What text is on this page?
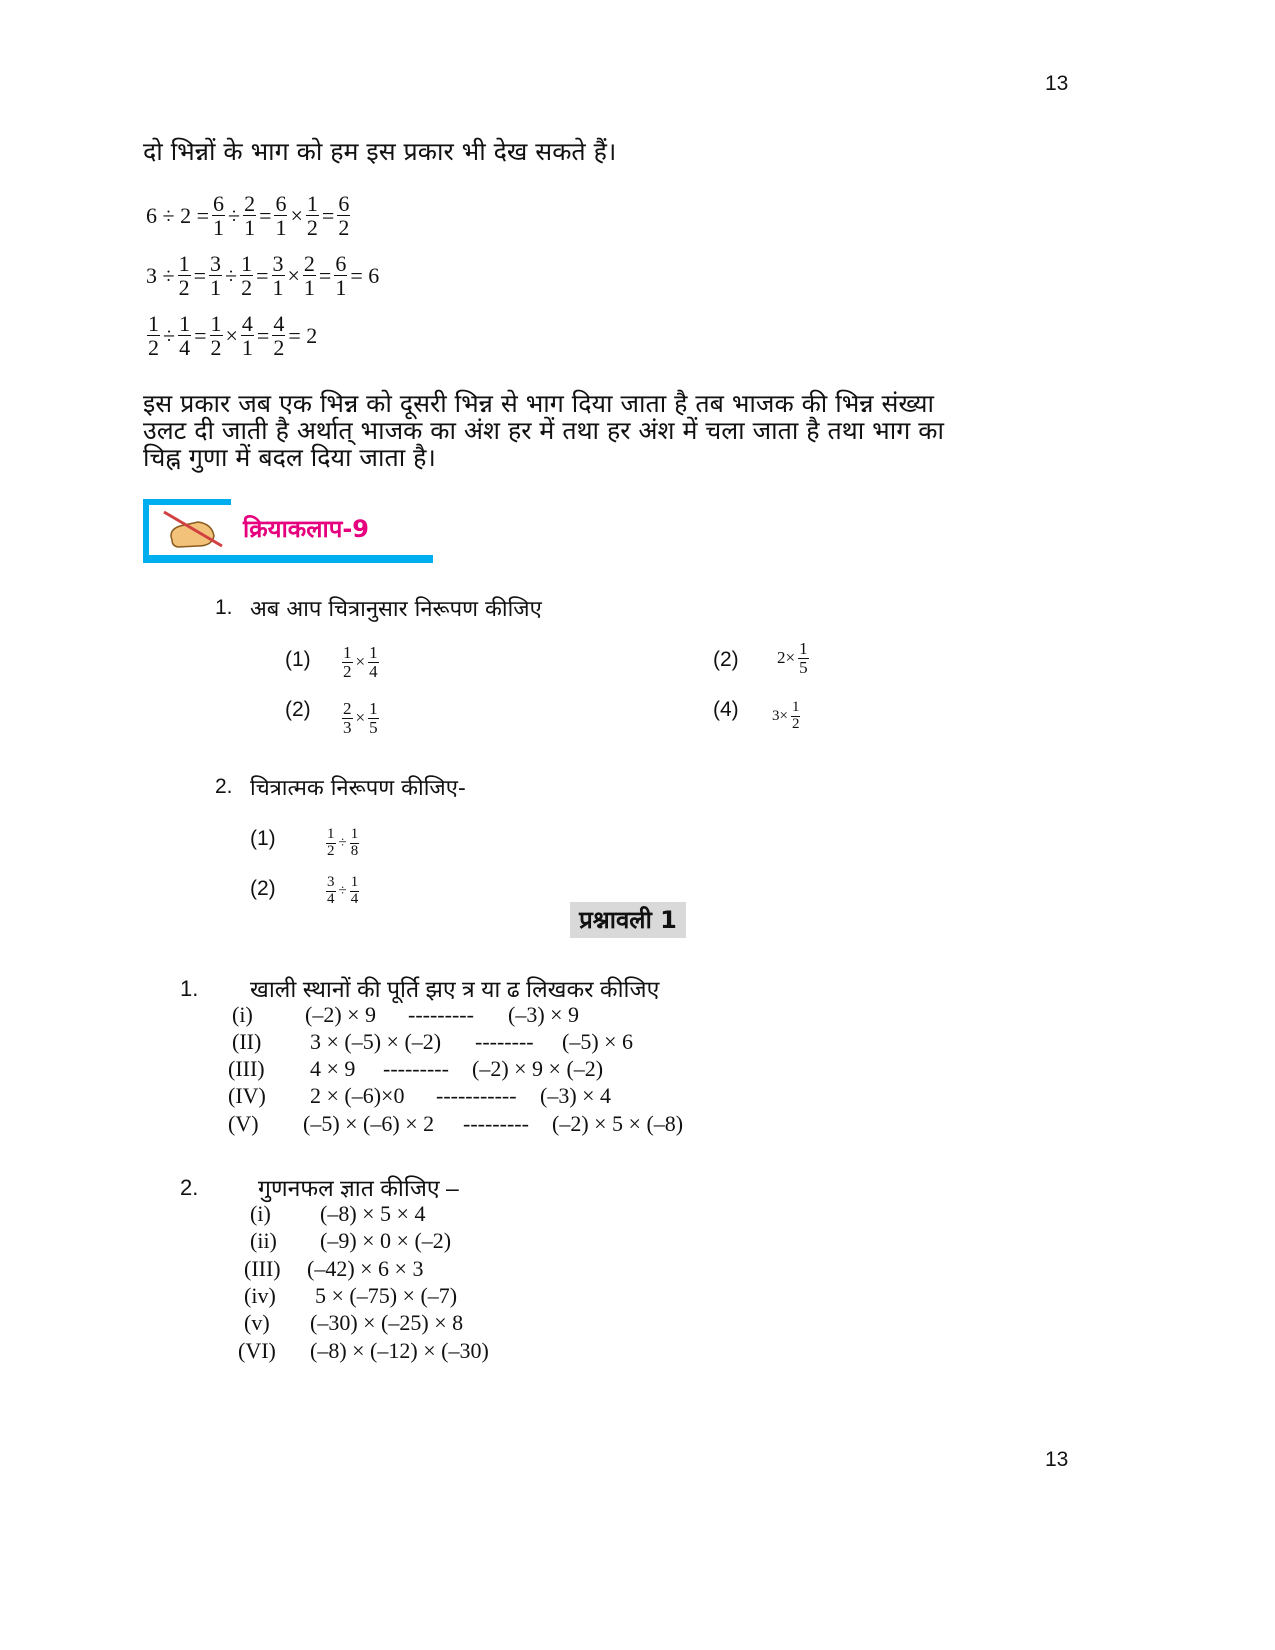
13
दो भिन्नों के भाग को हम इस प्रकार भी देख सकते हैं।
$6 \div 2 = \frac{6}{1} \div \frac{2}{1} = \frac{6}{1} \times \frac{1}{2} = \frac{6}{2}$
$3 \div \frac{1}{2} = \frac{3}{1} \div \frac{1}{2} = \frac{3}{1} \times \frac{2}{1} = \frac{6}{1} = 6$
$\frac{1}{2} \div \frac{1}{4} = \frac{1}{2} \times \frac{4}{1} = \frac{4}{2} = 2$
इस प्रकार जब एक भिन्न को दूसरी भिन्न से भाग दिया जाता है तब भाजक की भिन्न संख्या
उलट दी जाती है अर्थात् भाजक का अंश हर में तथा हर अंश में चला जाता है तथा भाग का
चिह्न गुणा में बदल दिया जाता है।
क्रियाकलाप-9
1. अब आप चित्रानुसार निरूपण कीजिए
$(1) \frac{1}{2} \times \frac{1}{4}$	(2) $2\times \frac{1}{5}$
$(2) \frac{2}{3} \times \frac{1}{5}$	(4) $3\times \frac{1}{2}$
2. चित्रात्मक निरूपण कीजिए-
(1)	$\frac{1}{2} \div \frac{1}{8}$
(2)	$\frac{3}{4} \div \frac{1}{4}$
प्रश्नावली 1
1. खाली स्थानों की पूर्ति झए त्र या ढ लिखकर कीजिए
(i) (–2) × 9 --------- (–3) × 9
(II) 3 × (–5) × (–2) -------- (–5) × 6
(III) 4 × 9 --------- (–2) × 9 × (–2)
(IV) 2 × (–6)×0 ----------- (–3) × 4
(V) (–5) × (–6) × 2 --------- (–2) × 5 × (–8)
2.	गुणनफल ज्ञात कीजिए –
(i) (–8) × 5 × 4
(ii) (–9) × 0 × (–2)
(III) (–42) × 6 × 3
(iv) 5 × (–75) × (–7)
(v) (–30) × (–25) × 8
(VI) (–8) × (–12) × (–30)
13
